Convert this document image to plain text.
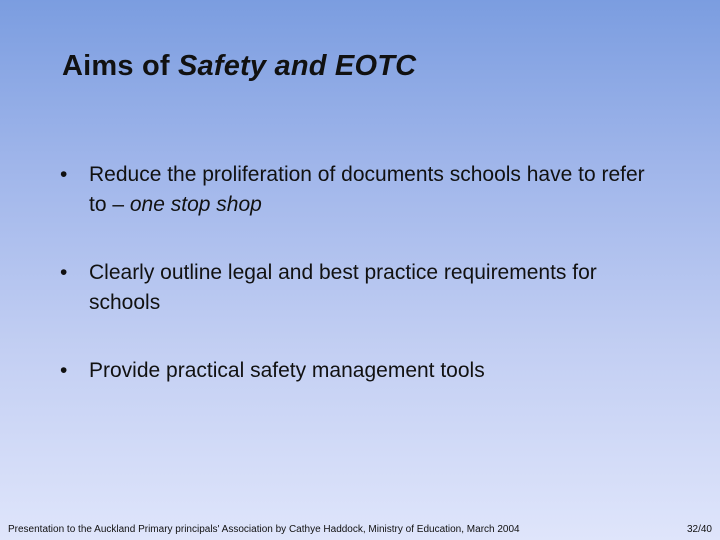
Aims of Safety and EOTC
• Reduce the proliferation of documents schools have to refer to – one stop shop
• Clearly outline legal and best practice requirements for schools
• Provide practical safety management tools
Presentation to the Auckland Primary principals' Association by Cathye Haddock, Ministry of Education, March 2004	32/40
